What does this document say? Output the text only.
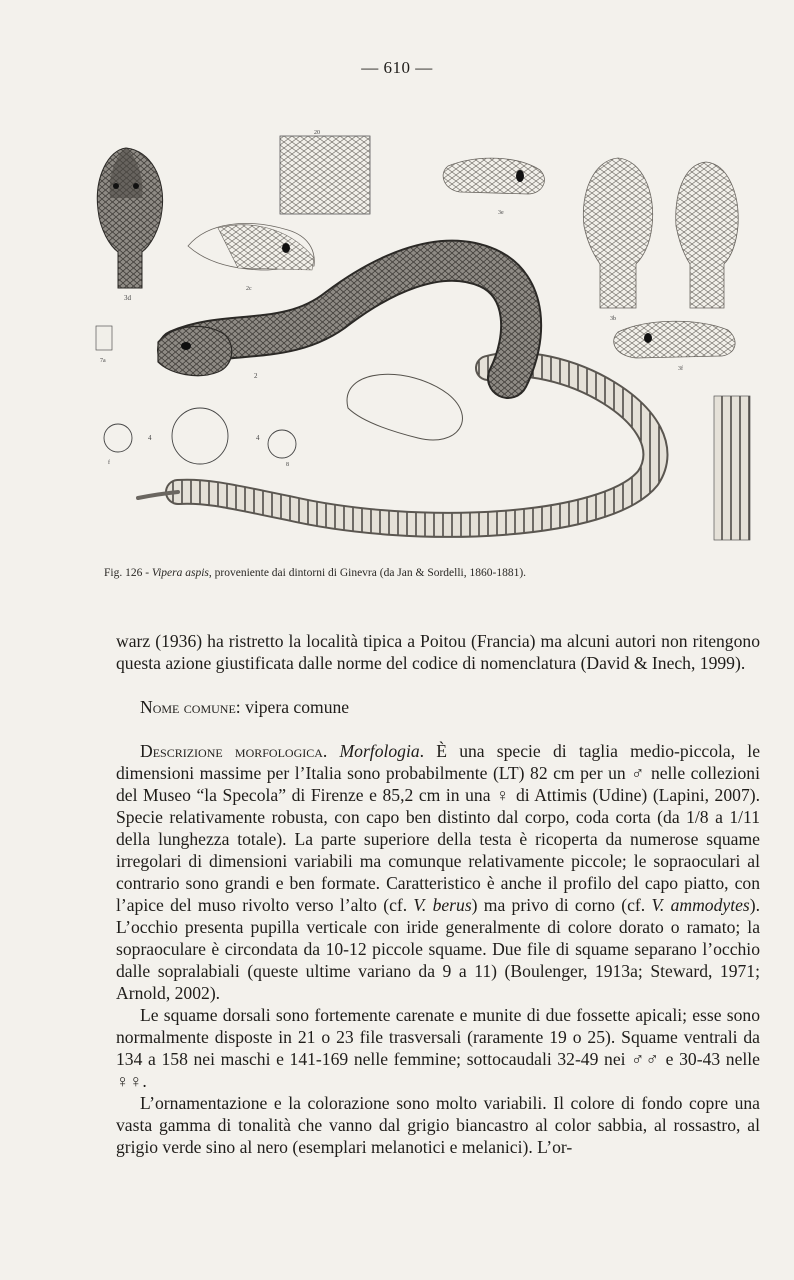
— 610 —
3d
20
2c
3e
3b
7a
3f
2
4	4
f	8
Fig. 126 - Vipera aspis, proveniente dai dintorni di Ginevra (da Jan & Sordelli, 1860-1881).

warz (1936) ha ristretto la località tipica a Poitou (Francia) ma alcuni autori non ritengono questa azione giustificata dalle norme del codice di nomenclatura (David & Inech, 1999).

Nome comune: vipera comune

Descrizione morfologica. Morfologia. È una specie di taglia medio-piccola, le dimensioni massime per l’Italia sono probabilmente (LT) 82 cm per un ♂ nelle collezioni del Museo “la Specola” di Firenze e 85,2 cm in una ♀ di Attimis (Udine) (Lapini, 2007). Specie relativamente robusta, con capo ben distinto dal corpo, coda corta (da 1/8 a 1/11 della lunghezza totale). La parte superiore della testa è ricoperta da numerose squame irregolari di dimensioni variabili ma comunque relativamente piccole; le sopraoculari al contrario sono grandi e ben formate. Caratteristico è anche il profilo del capo piatto, con l’apice del muso rivolto verso l’alto (cf. V. berus) ma privo di corno (cf. V. ammodytes). L’occhio presenta pupilla verticale con iride generalmente di colore dorato o ramato; la sopraoculare è circondata da 10-12 piccole squame. Due file di squame separano l’occhio dalle sopralabiali (queste ultime variano da 9 a 11) (Boulenger, 1913a; Steward, 1971; Arnold, 2002).

Le squame dorsali sono fortemente carenate e munite di due fossette apicali; esse sono normalmente disposte in 21 o 23 file trasversali (raramente 19 o 25). Squame ventrali da 134 a 158 nei maschi e 141-169 nelle femmine; sottocaudali 32-49 nei ♂♂ e 30-43 nelle ♀♀.

L’ornamentazione e la colorazione sono molto variabili. Il colore di fondo copre una vasta gamma di tonalità che vanno dal grigio biancastro al color sabbia, al rossastro, al grigio verde sino al nero (esemplari melanotici e melanici). L’or-
